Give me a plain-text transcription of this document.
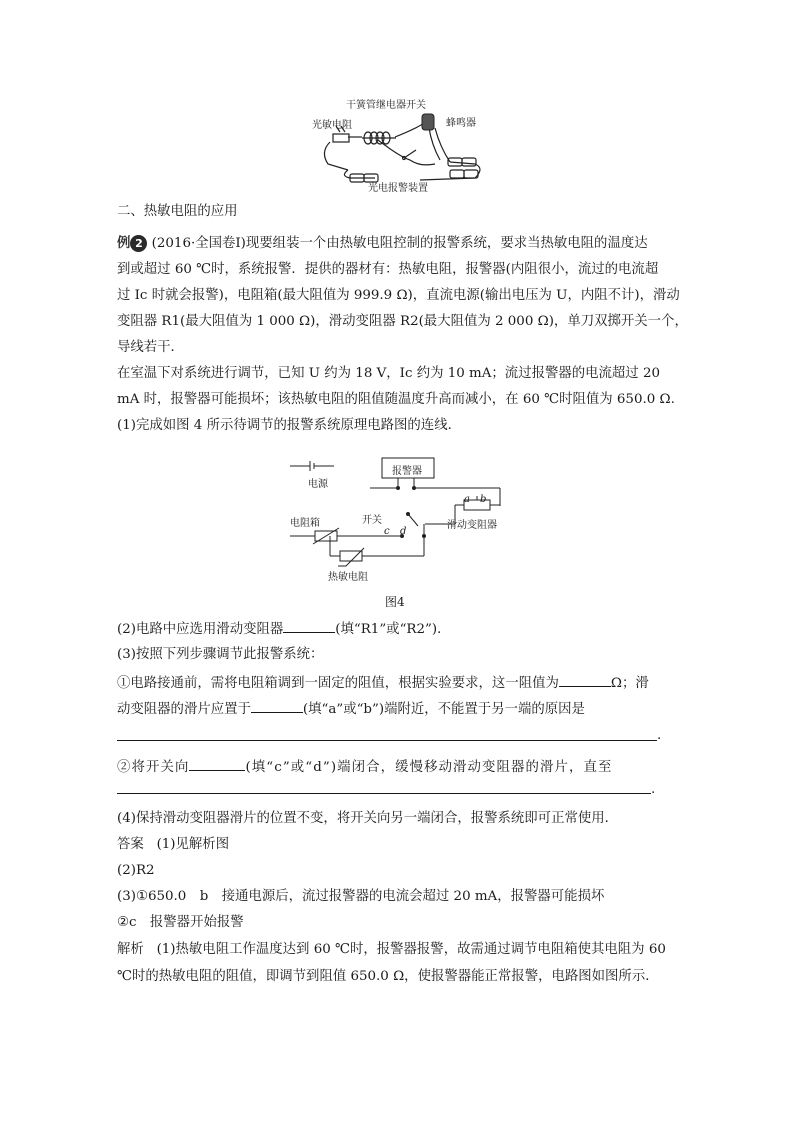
干簧管继电器开关
光敏电阻	蜂鸣器
光电报警装置
二、热敏电阻的应用
例 2 (2016·全国卷Ⅰ)现要组装一个由热敏电阻控制的报警系统，要求当热敏电阻的温度达
到或超过 60 ℃时，系统报警．提供的器材有：热敏电阻，报警器(内阻很小，流过的电流超
过 Ic 时就会报警)，电阻箱(最大阻值为 999.9 Ω)，直流电源(输出电压为 U，内阻不计)，滑动
变阻器 R1(最大阻值为 1 000 Ω)，滑动变阻器 R2(最大阻值为 2 000 Ω)，单刀双掷开关一个，
导线若干．
在室温下对系统进行调节，已知 U 约为 18 V，Ic 约为 10 mA；流过报警器的电流超过 20
mA 时，报警器可能损坏；该热敏电阻的阻值随温度升高而减小，在 60 ℃时阻值为 650.0 Ω.
(1)完成如图 4 所示待调节的报警系统原理电路图的连线．
电源
报警器
开关
电阻箱
热敏电阻
滑动变阻器
a b
c d
图4
(2)电路中应选用滑动变阻器	(填“R1”或“R2”)．
(3)按照下列步骤调节此报警系统：
①电路接通前，需将电阻箱调到一固定的阻值，根据实验要求，这一阻值为	Ω；滑
动变阻器的滑片应置于	(填“a”或“b”)端附近，不能置于另一端的原因是
.
②将开关向	(填“c”或“d”)端闭合，缓慢移动滑动变阻器的滑片，直至
.
(4)保持滑动变阻器滑片的位置不变，将开关向另一端闭合，报警系统即可正常使用．
答案 (1)见解析图
(2)R2
(3)①650.0　b　接通电源后，流过报警器的电流会超过 20 mA，报警器可能损坏
②c　报警器开始报警
解析 (1)热敏电阻工作温度达到 60 ℃时，报警器报警，故需通过调节电阻箱使其电阻为 60
℃时的热敏电阻的阻值，即调节到阻值 650.0 Ω，使报警器能正常报警，电路图如图所示．
